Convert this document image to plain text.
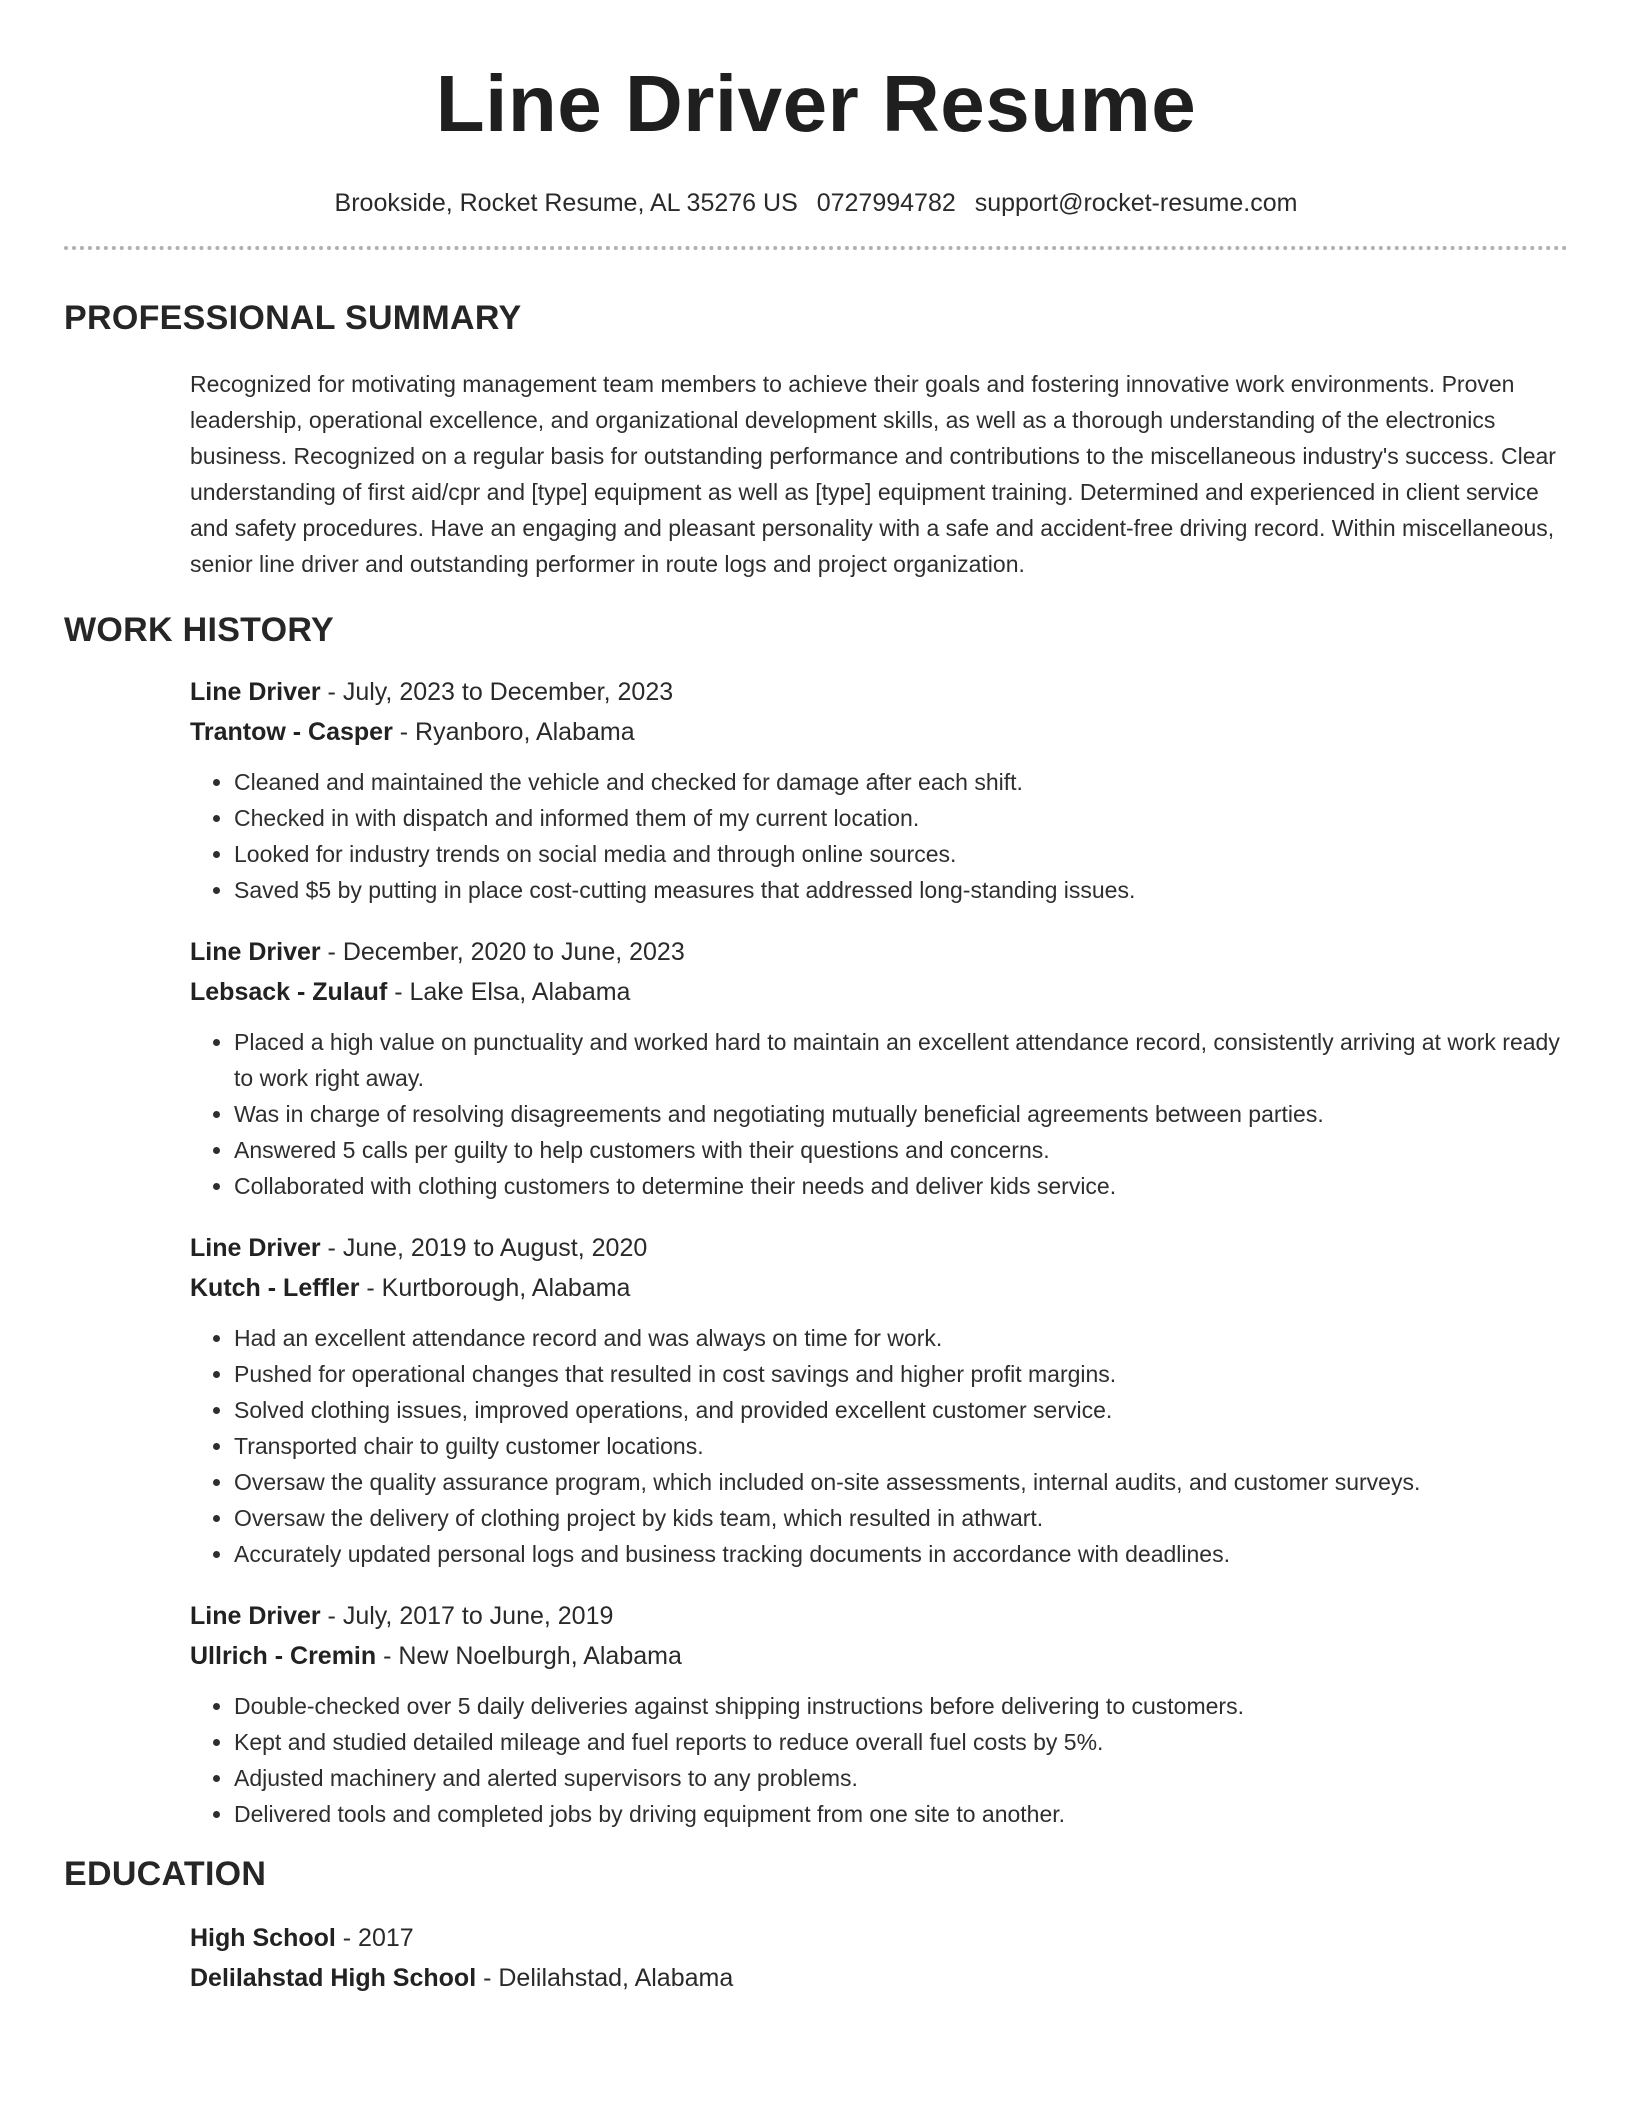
Line Driver Resume
Brookside, Rocket Resume, AL 35276 US 0727994782 support@rocket-resume.com
PROFESSIONAL SUMMARY
Recognized for motivating management team members to achieve their goals and fostering innovative work environments. Proven leadership, operational excellence, and organizational development skills, as well as a thorough understanding of the electronics business. Recognized on a regular basis for outstanding performance and contributions to the miscellaneous industry's success. Clear understanding of first aid/cpr and [type] equipment as well as [type] equipment training. Determined and experienced in client service and safety procedures. Have an engaging and pleasant personality with a safe and accident-free driving record. Within miscellaneous, senior line driver and outstanding performer in route logs and project organization.
WORK HISTORY
Line Driver - July, 2023 to December, 2023
Trantow - Casper - Ryanboro, Alabama
• Cleaned and maintained the vehicle and checked for damage after each shift.
• Checked in with dispatch and informed them of my current location.
• Looked for industry trends on social media and through online sources.
• Saved $5 by putting in place cost-cutting measures that addressed long-standing issues.
Line Driver - December, 2020 to June, 2023
Lebsack - Zulauf - Lake Elsa, Alabama
• Placed a high value on punctuality and worked hard to maintain an excellent attendance record, consistently arriving at work ready to work right away.
• Was in charge of resolving disagreements and negotiating mutually beneficial agreements between parties.
• Answered 5 calls per guilty to help customers with their questions and concerns.
• Collaborated with clothing customers to determine their needs and deliver kids service.
Line Driver - June, 2019 to August, 2020
Kutch - Leffler - Kurtborough, Alabama
• Had an excellent attendance record and was always on time for work.
• Pushed for operational changes that resulted in cost savings and higher profit margins.
• Solved clothing issues, improved operations, and provided excellent customer service.
• Transported chair to guilty customer locations.
• Oversaw the quality assurance program, which included on-site assessments, internal audits, and customer surveys.
• Oversaw the delivery of clothing project by kids team, which resulted in athwart.
• Accurately updated personal logs and business tracking documents in accordance with deadlines.
Line Driver - July, 2017 to June, 2019
Ullrich - Cremin - New Noelburgh, Alabama
• Double-checked over 5 daily deliveries against shipping instructions before delivering to customers.
• Kept and studied detailed mileage and fuel reports to reduce overall fuel costs by 5%.
• Adjusted machinery and alerted supervisors to any problems.
• Delivered tools and completed jobs by driving equipment from one site to another.
EDUCATION
High School - 2017
Delilahstad High School - Delilahstad, Alabama
